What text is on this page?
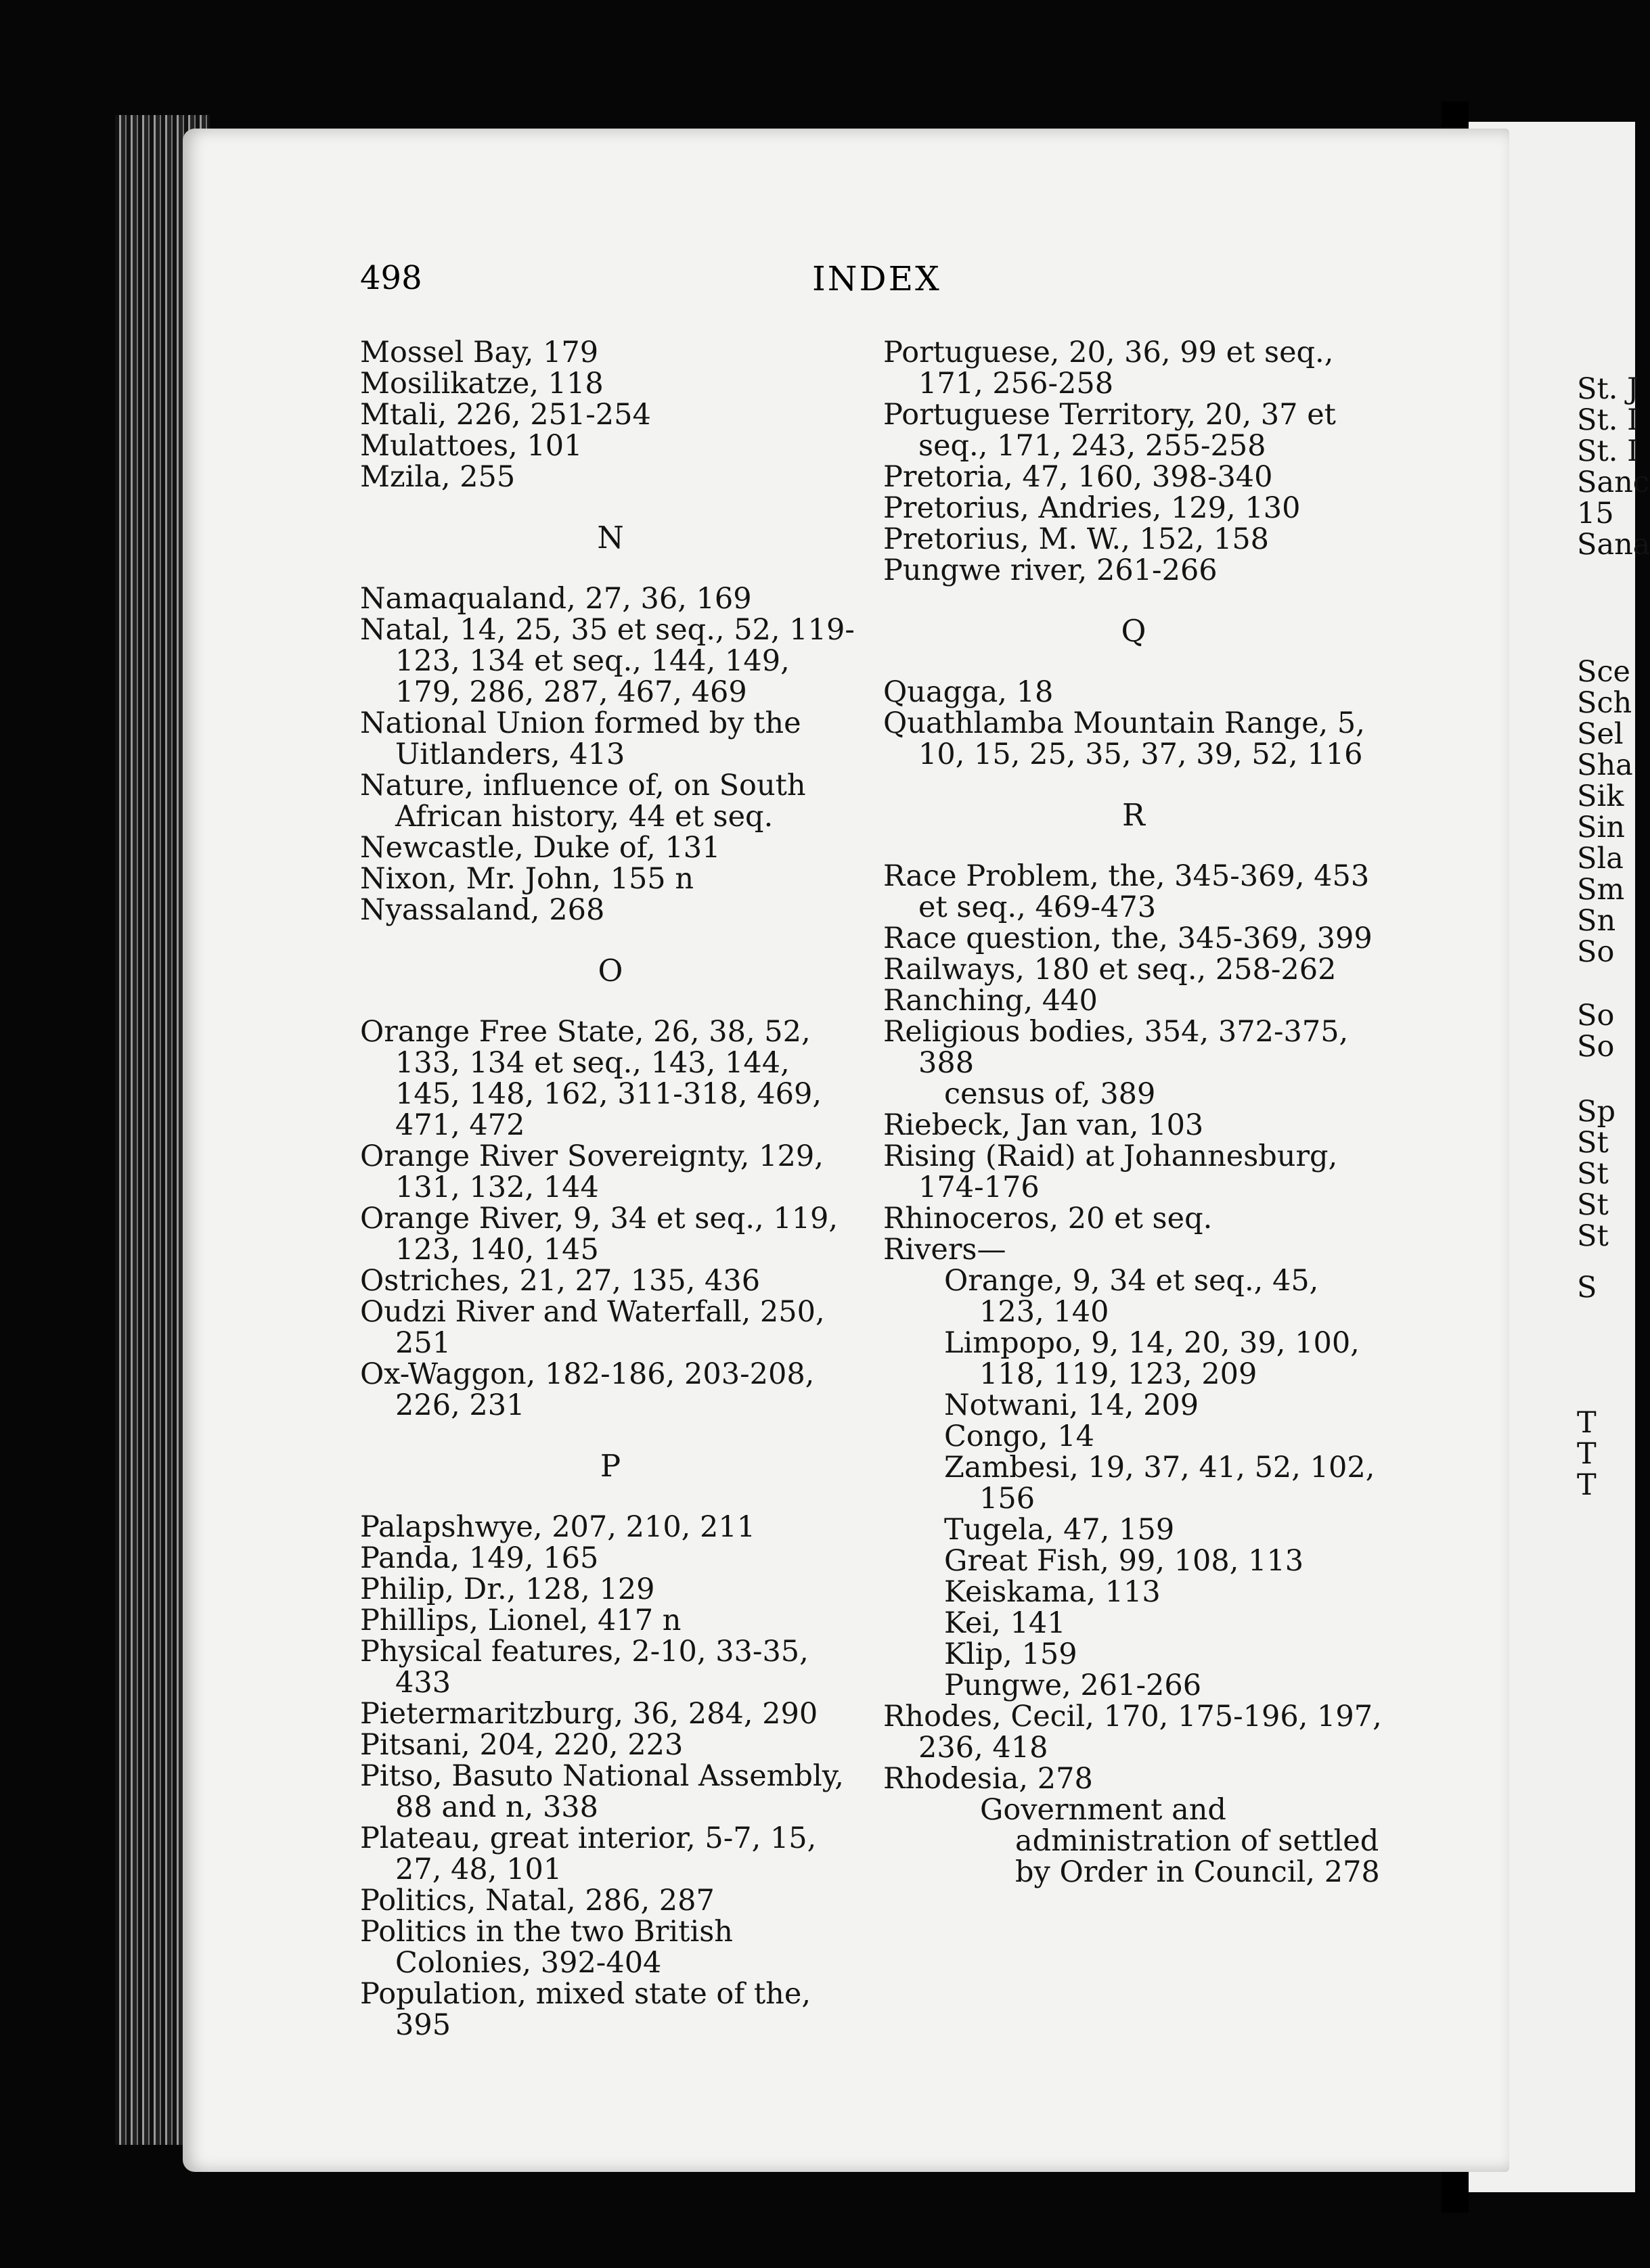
498	INDEX

Mossel Bay, 179

Mosilikatze, 118

Mtali, 226, 251-254

Mulattoes, 101

Mzila, 255

N

Namaqualand, 27, 36, 169

Natal, 14, 25, 35 et seq., 52, 119-123, 134 et seq., 144, 149, 179, 286, 287, 467, 469

National Union formed by the Uitlanders, 413

Nature, influence of, on South African history, 44 et seq.

Newcastle, Duke of, 131

Nixon, Mr. John, 155 n

Nyassaland, 268

O

Orange Free State, 26, 38, 52, 133, 134 et seq., 143, 144, 145, 148, 162, 311-318, 469, 471, 472

Orange River Sovereignty, 129, 131, 132, 144

Orange River, 9, 34 et seq., 119, 123, 140, 145

Ostriches, 21, 27, 135, 436

Oudzi River and Waterfall, 250, 251

Ox-Waggon, 182-186, 203-208, 226, 231

P

Palapshwye, 207, 210, 211

Panda, 149, 165

Philip, Dr., 128, 129

Phillips, Lionel, 417 n

Physical features, 2-10, 33-35, 433

Pietermaritzburg, 36, 284, 290

Pitsani, 204, 220, 223

Pitso, Basuto National Assembly, 88 and n, 338

Plateau, great interior, 5-7, 15, 27, 48, 101

Politics, Natal, 286, 287

Politics in the two British Colonies, 392-404

Population, mixed state of the, 395

Portuguese, 20, 36, 99 et seq., 171, 256-258

Portuguese Territory, 20, 37 et seq., 171, 243, 255-258

Pretoria, 47, 160, 398-340

Pretorius, Andries, 129, 130

Pretorius, M. W., 152, 158

Pungwe river, 261-266

Q

Quagga, 18

Quathlamba Mountain Range, 5, 10, 15, 25, 35, 37, 39, 52, 116

R

Race Problem, the, 345-369, 453 et seq., 469-473

Race question, the, 345-369, 399

Railways, 180 et seq., 258-262

Ranching, 440

Religious bodies, 354, 372-375, 388

census of, 389

Riebeck, Jan van, 103

Rising (Raid) at Johannesburg, 174-176

Rhinoceros, 20 et seq.

Rivers—

Orange, 9, 34 et seq., 45, 123, 140

Limpopo, 9, 14, 20, 39, 100, 118, 119, 123, 209

Notwani, 14, 209

Congo, 14

Zambesi, 19, 37, 41, 52, 102, 156

Tugela, 47, 159

Great Fish, 99, 108, 113

Keiskama, 113

Kei, 141

Klip, 159

Pungwe, 261-266

Rhodes, Cecil, 170, 175-196, 197, 236, 418

Rhodesia, 278

Government and administration of settled by Order in Council, 278

St. J
St. I
St. I
Sanc
15
Sana
Sce
Sch
Sel
Sha
Sik
Sin
Sla
Sm
Sn
So
So
So
Sp
St
St
St
St
S
T
T
T
